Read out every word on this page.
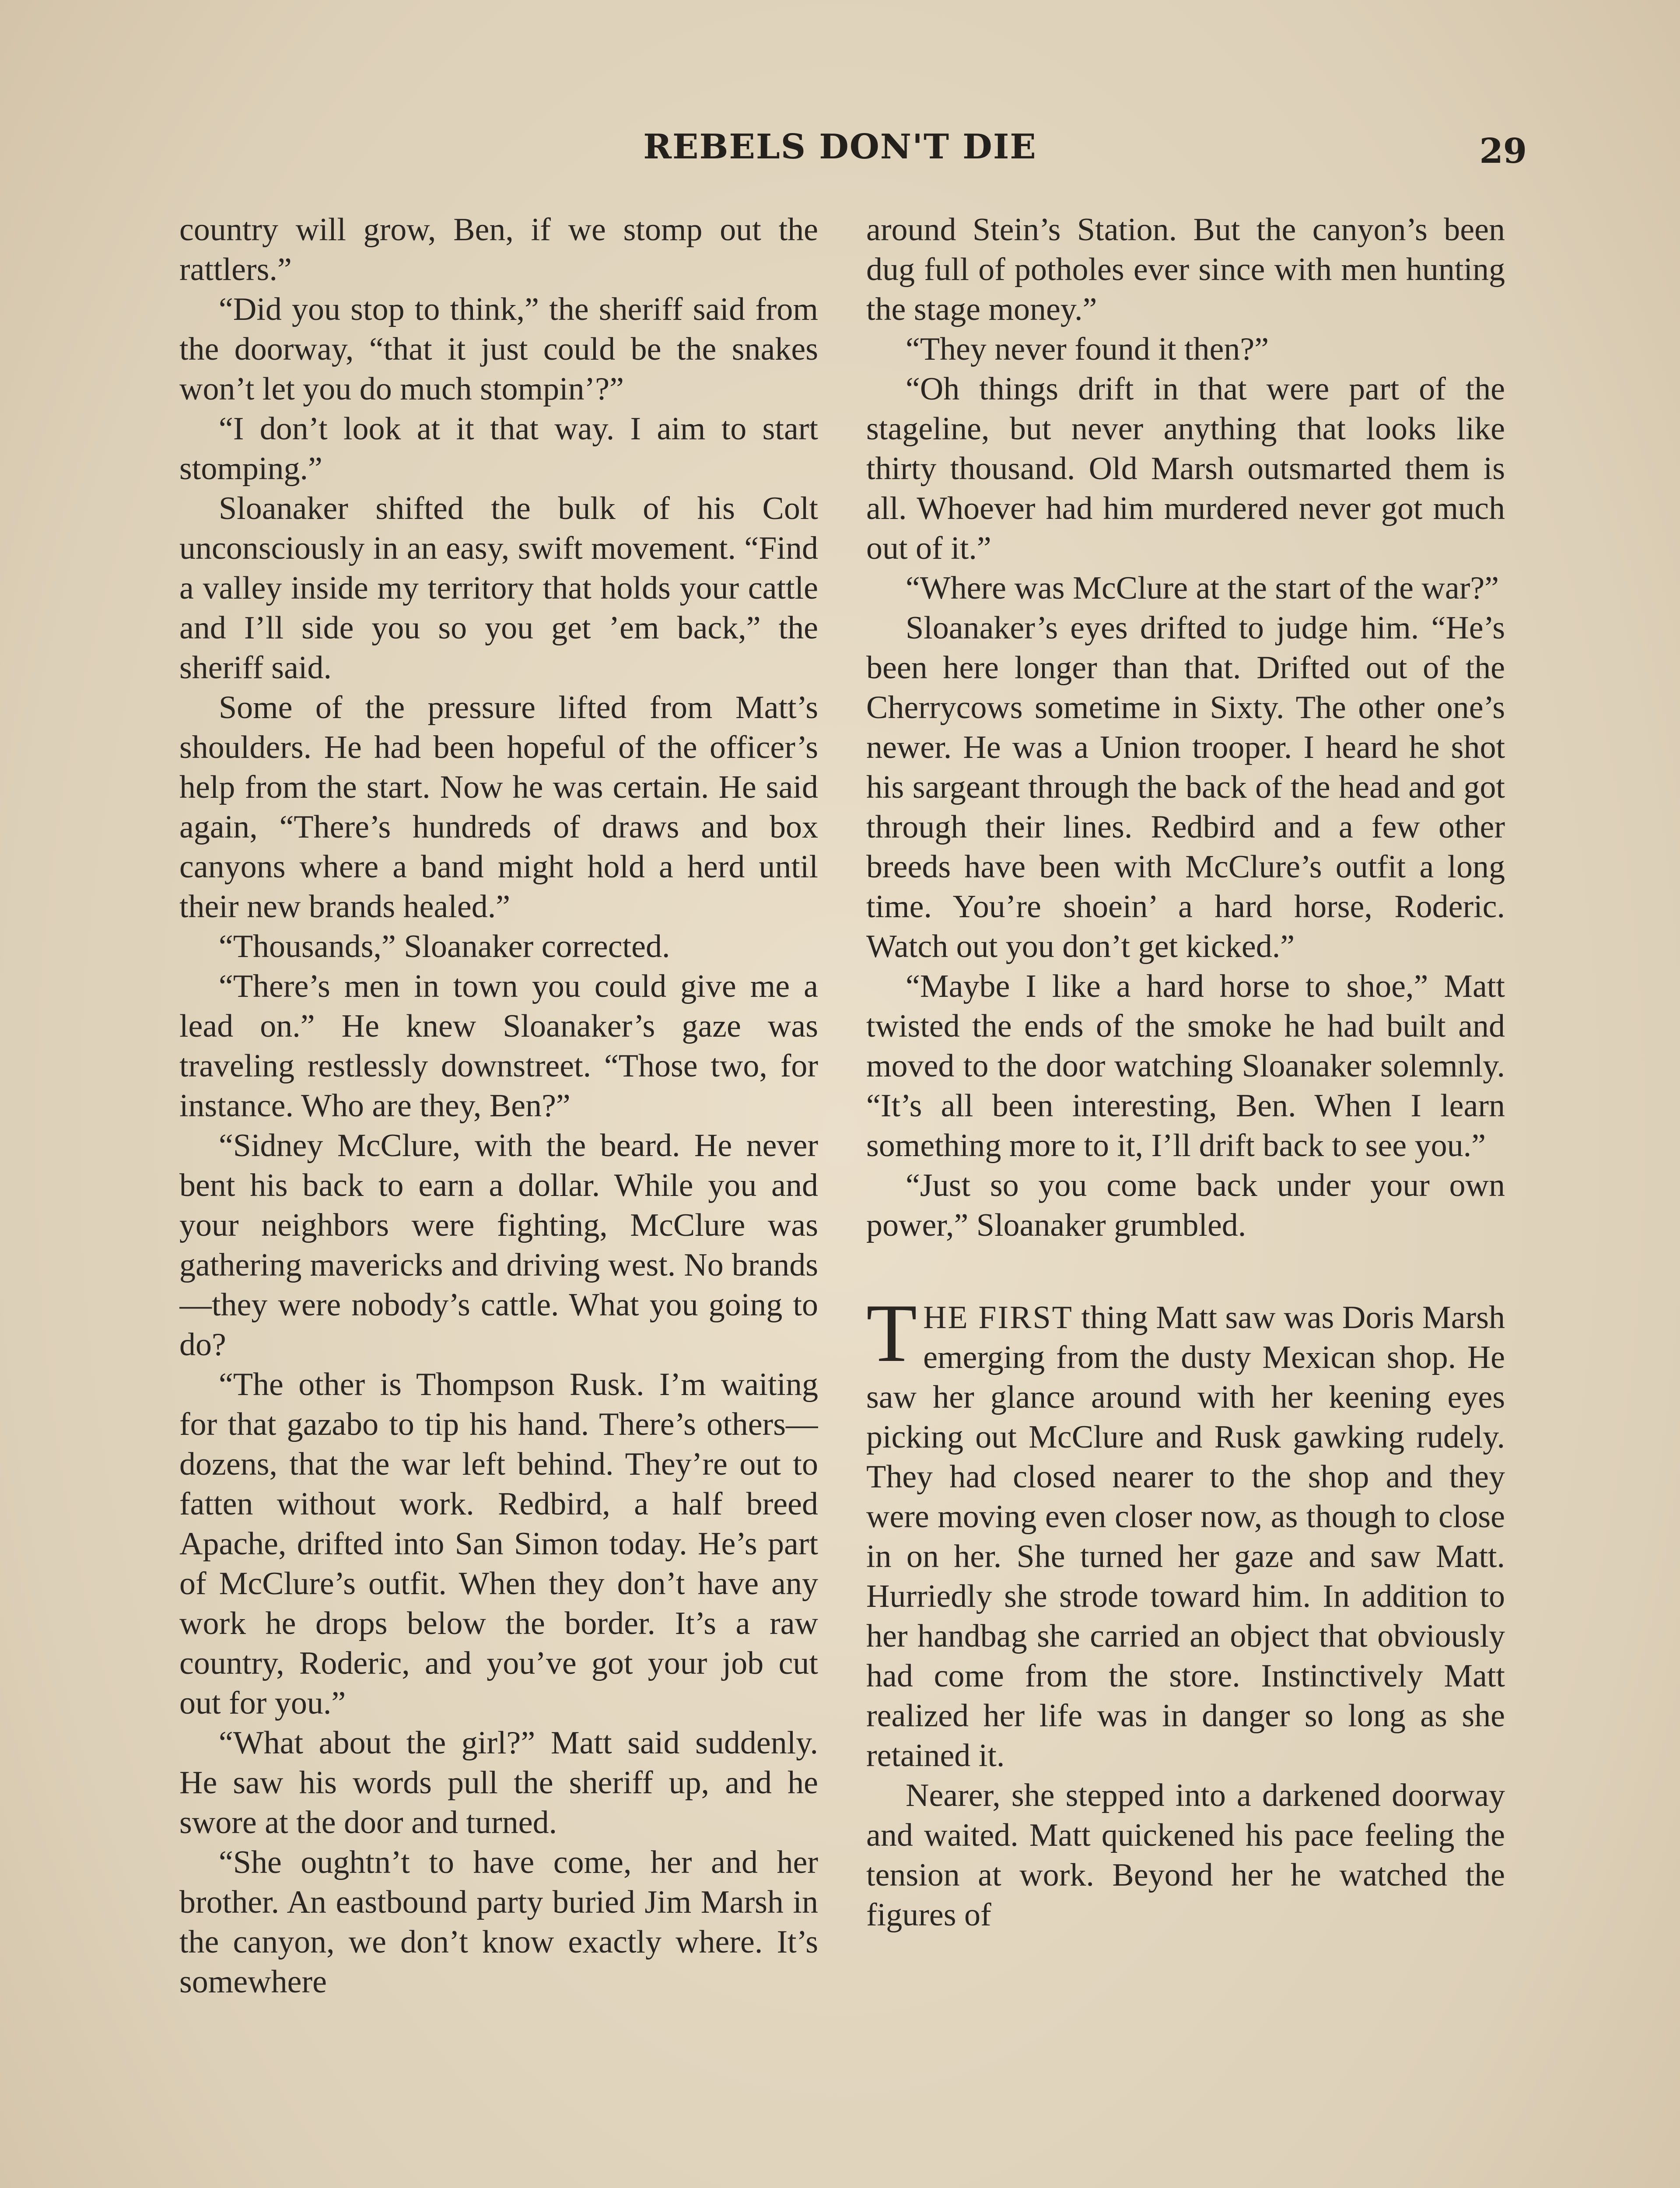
REBELS DON'T DIE	29

country will grow, Ben, if we stomp out the rattlers.”

“Did you stop to think,” the sheriff said from the doorway, “that it just could be the snakes won’t let you do much stompin’?”

“I don’t look at it that way. I aim to start stomping.”

Sloanaker shifted the bulk of his Colt unconsciously in an easy, swift movement. “Find a valley inside my territory that holds your cattle and I’ll side you so you get ’em back,” the sheriff said.

Some of the pressure lifted from Matt’s shoulders. He had been hopeful of the officer’s help from the start. Now he was certain. He said again, “There’s hundreds of draws and box canyons where a band might hold a herd until their new brands healed.”

“Thousands,” Sloanaker corrected.

“There’s men in town you could give me a lead on.” He knew Sloanaker’s gaze was traveling restlessly downstreet. “Those two, for instance. Who are they, Ben?”

“Sidney McClure, with the beard. He never bent his back to earn a dollar. While you and your neighbors were fighting, McClure was gathering mavericks and driving west. No brands—they were nobody’s cattle. What you going to do?

“The other is Thompson Rusk. I’m waiting for that gazabo to tip his hand. There’s others—dozens, that the war left behind. They’re out to fatten without work. Redbird, a half breed Apache, drifted into San Simon today. He’s part of McClure’s outfit. When they don’t have any work he drops below the border. It’s a raw country, Roderic, and you’ve got your job cut out for you.”

“What about the girl?” Matt said suddenly. He saw his words pull the sheriff up, and he swore at the door and turned.

“She oughtn’t to have come, her and her brother. An eastbound party buried Jim Marsh in the canyon, we don’t know exactly where. It’s somewhere

around Stein’s Station. But the canyon’s been dug full of potholes ever since with men hunting the stage money.”

“They never found it then?”

“Oh things drift in that were part of the stageline, but never anything that looks like thirty thousand. Old Marsh outsmarted them is all. Whoever had him murdered never got much out of it.”

“Where was McClure at the start of the war?”

Sloanaker’s eyes drifted to judge him. “He’s been here longer than that. Drifted out of the Cherrycows sometime in Sixty. The other one’s newer. He was a Union trooper. I heard he shot his sargeant through the back of the head and got through their lines. Redbird and a few other breeds have been with McClure’s outfit a long time. You’re shoein’ a hard horse, Roderic. Watch out you don’t get kicked.”

“Maybe I like a hard horse to shoe,” Matt twisted the ends of the smoke he had built and moved to the door watching Sloanaker solemnly. “It’s all been interesting, Ben. When I learn something more to it, I’ll drift back to see you.”

“Just so you come back under your own power,” Sloanaker grumbled.

THE FIRST thing Matt saw was Doris Marsh emerging from the dusty Mexican shop. He saw her glance around with her keening eyes picking out McClure and Rusk gawking rudely. They had closed nearer to the shop and they were moving even closer now, as though to close in on her. She turned her gaze and saw Matt. Hurriedly she strode toward him. In addition to her handbag she carried an object that obviously had come from the store. Instinctively Matt realized her life was in danger so long as she retained it.

Nearer, she stepped into a darkened doorway and waited. Matt quickened his pace feeling the tension at work. Beyond her he watched the figures of
